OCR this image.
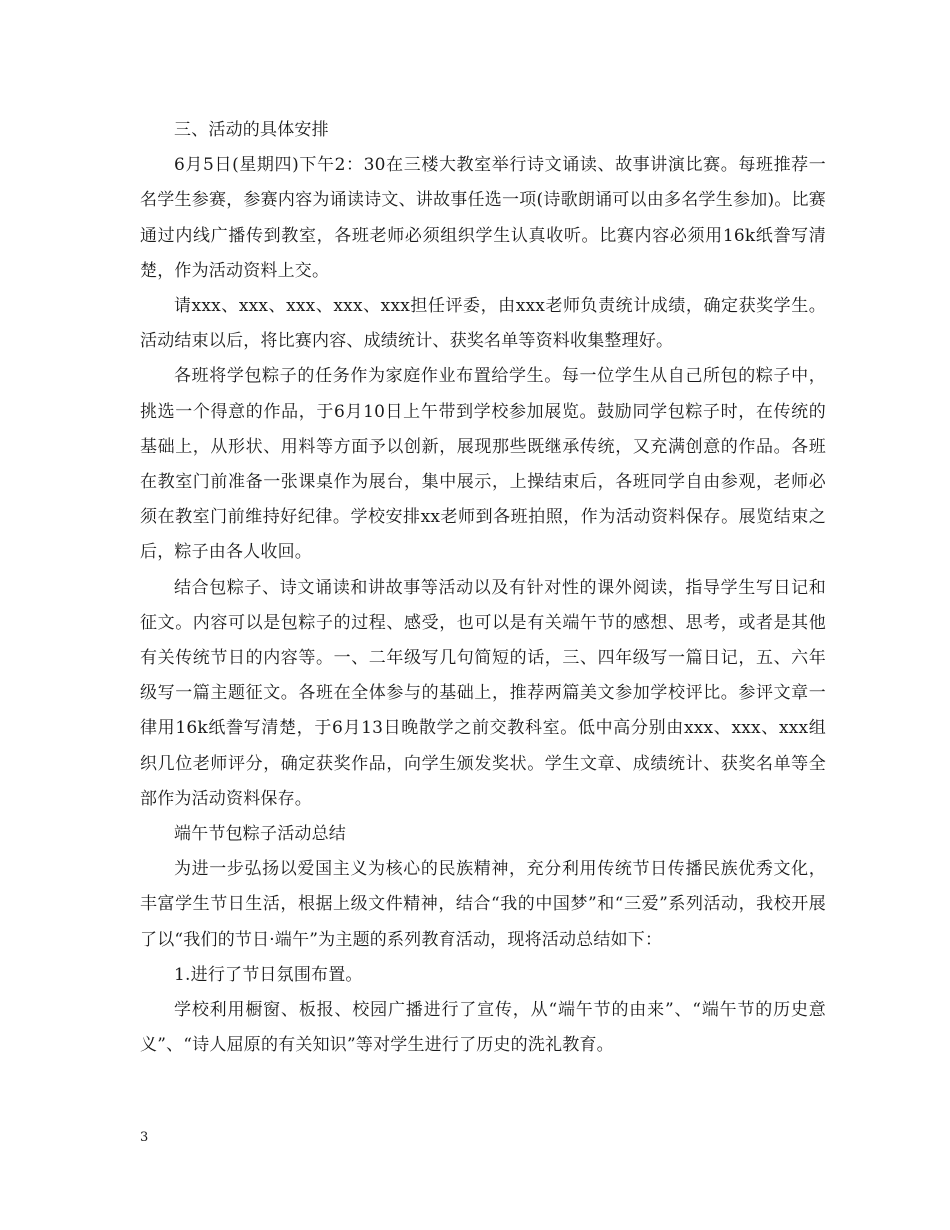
三、活动的具体安排

6月5日(星期四)下午2：30在三楼大教室举行诗文诵读、故事讲演比赛。每班推荐一名学生参赛，参赛内容为诵读诗文、讲故事任选一项(诗歌朗诵可以由多名学生参加)。比赛通过内线广播传到教室，各班老师必须组织学生认真收听。比赛内容必须用16k纸誊写清楚，作为活动资料上交。

请xxx、xxx、xxx、xxx、xxx担任评委，由xxx老师负责统计成绩，确定获奖学生。活动结束以后，将比赛内容、成绩统计、获奖名单等资料收集整理好。

各班将学包粽子的任务作为家庭作业布置给学生。每一位学生从自己所包的粽子中，挑选一个得意的作品，于6月10日上午带到学校参加展览。鼓励同学包粽子时，在传统的基础上，从形状、用料等方面予以创新，展现那些既继承传统，又充满创意的作品。各班在教室门前准备一张课桌作为展台，集中展示，上操结束后，各班同学自由参观，老师必须在教室门前维持好纪律。学校安排xx老师到各班拍照，作为活动资料保存。展览结束之后，粽子由各人收回。

结合包粽子、诗文诵读和讲故事等活动以及有针对性的课外阅读，指导学生写日记和征文。内容可以是包粽子的过程、感受，也可以是有关端午节的感想、思考，或者是其他有关传统节日的内容等。一、二年级写几句简短的话，三、四年级写一篇日记，五、六年级写一篇主题征文。各班在全体参与的基础上，推荐两篇美文参加学校评比。参评文章一律用16k纸誊写清楚，于6月13日晚散学之前交教科室。低中高分别由xxx、xxx、xxx组织几位老师评分，确定获奖作品，向学生颁发奖状。学生文章、成绩统计、获奖名单等全部作为活动资料保存。

端午节包粽子活动总结

为进一步弘扬以爱国主义为核心的民族精神，充分利用传统节日传播民族优秀文化，丰富学生节日生活，根据上级文件精神，结合“我的中国梦”和“三爱”系列活动，我校开展了以“我们的节日·端午”为主题的系列教育活动，现将活动总结如下：

1.进行了节日氛围布置。

学校利用橱窗、板报、校园广播进行了宣传，从“端午节的由来”、“端午节的历史意义”、“诗人屈原的有关知识”等对学生进行了历史的洗礼教育。

3
